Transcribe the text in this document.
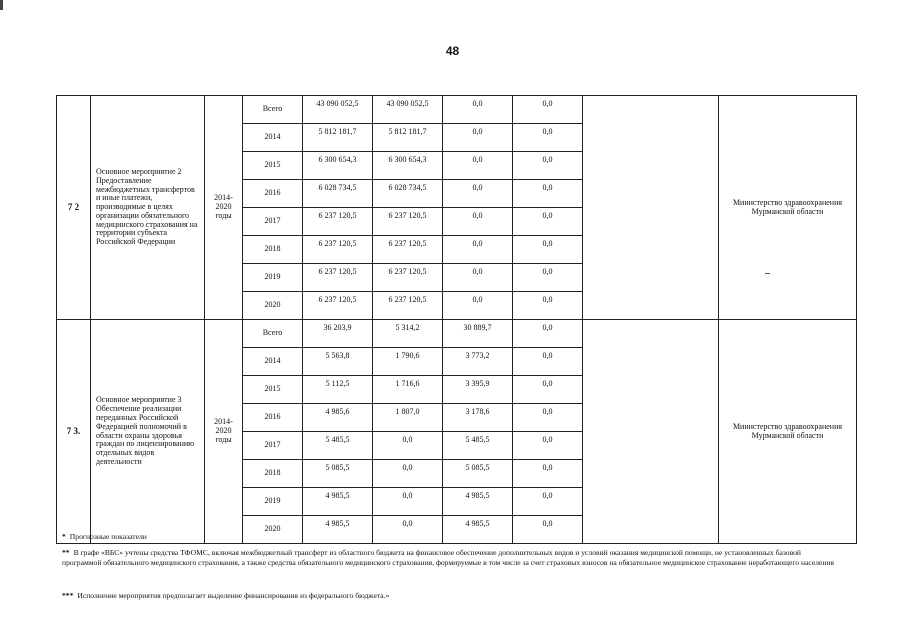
48
7 2	Основное мероприятие 2 Предоставление межбюджетных трансфертов и иные платежи, производимые в целях организации обязательного медицинского страхования на территории субъекта Российской Федерации	2014-2020 годы	Всего	43 090 052,5	43 090 052,5	0,0	0,0		Министерство здравоохранения Мурманской области
			2014	5 812 181,7	5 812 181,7	0,0	0,0		
			2015	6 300 654,3	6 300 654,3	0,0	0,0		
			2016	6 028 734,5	6 028 734,5	0,0	0,0		
			2017	6 237 120,5	6 237 120,5	0,0	0,0		
			2018	6 237 120,5	6 237 120,5	0,0	0,0		
			2019	6 237 120,5	6 237 120,5	0,0	0,0		
			2020	6 237 120,5	6 237 120,5	0,0	0,0		
7 3.	Основное мероприятие 3 Обеспечение реализации переданных Российской Федерацией полномочий в области охраны здоровья граждан по лицензированию отдельных видов деятельности	2014-2020 годы	Всего	36 203,9	5 314,2	30 889,7	0,0		Министерство здравоохранения Мурманской области
			2014	5 563,8	1 790,6	3 773,2	0,0		
			2015	5 112,5	1 716,6	3 395,9	0,0		
			2016	4 985,6	1 807,0	3 178,6	0,0		
			2017	5 485,5	0,0	5 485,5	0,0		
			2018	5 085,5	0,0	5 085,5	0,0		
			2019	4 985,5	0,0	4 985,5	0,0		
			2020	4 985,5	0,0	4 985,5	0,0		
* Прогнозные показатели
** В графе «ВБС» учтены средства ТФОМС, включая межбюджетный трансферт из областного бюджета на финансовое обеспечение дополнительных видов и условий оказания медицинской помощи, не установленных базовой программой обязательного медицинского страхования, а также средства обязательного медицинского страхования, формируемые в том числе за счет страховых взносов на обязательное медицинское страхование неработающего населения
*** Исполнение мероприятия предполагает выделение финансирования из федерального бюджета.»
